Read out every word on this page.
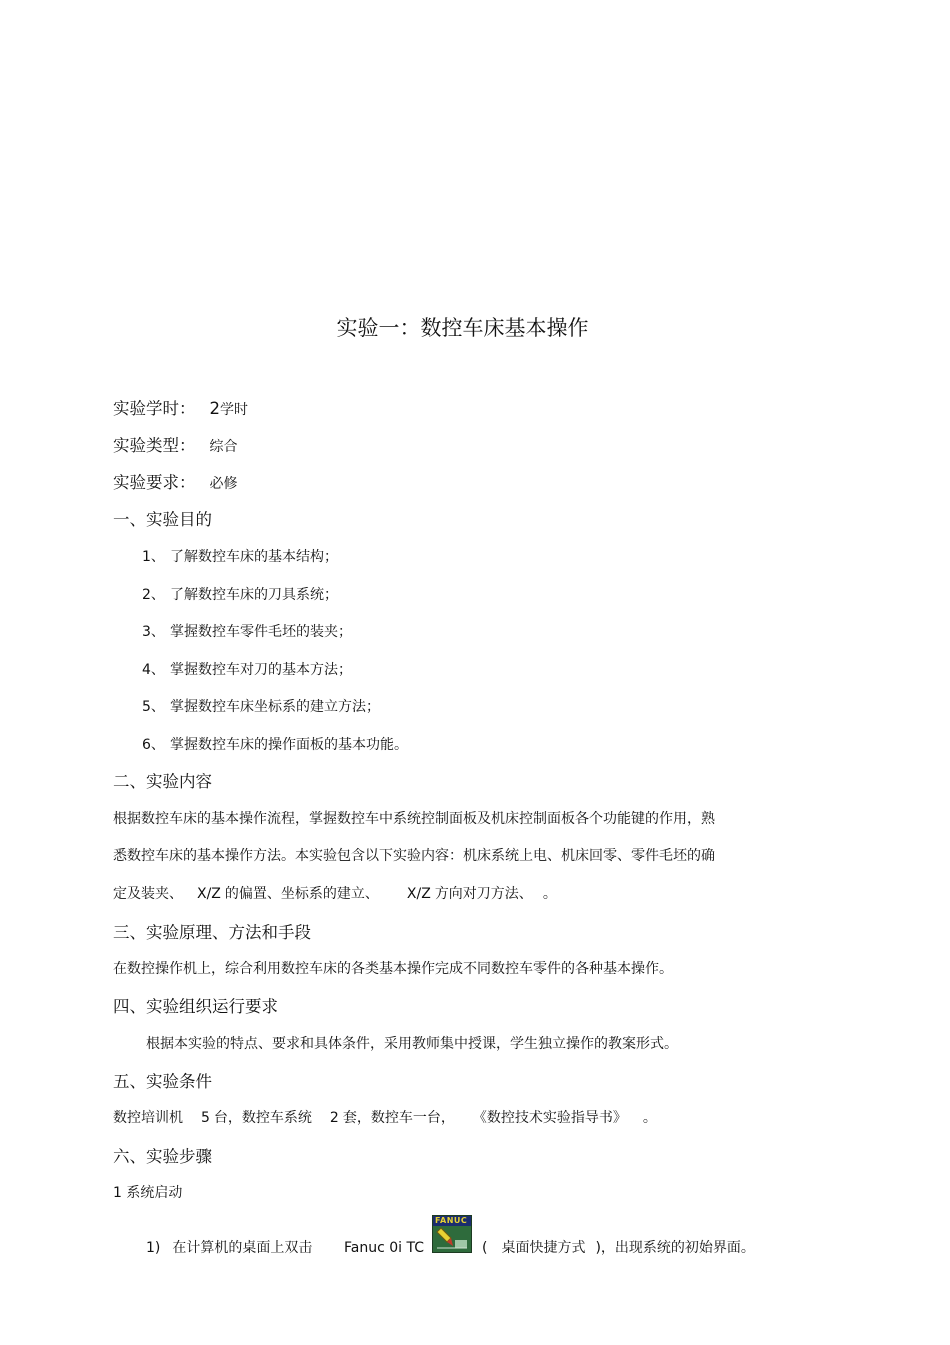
实验一：数控车床基本操作
实验学时： 2学时
实验类型： 综合
实验要求： 必修
一、实验目的
1、 了解数控车床的基本结构；
2、 了解数控车床的刀具系统；
3、 掌握数控车零件毛坯的装夹；
4、 掌握数控车对刀的基本方法；
5、 掌握数控车床坐标系的建立方法；
6、 掌握数控车床的操作面板的基本功能。
二、实验内容
根据数控车床的基本操作流程，掌握数控车中系统控制面板及机床控制面板各个功能键的作用，熟
悉数控车床的基本操作方法。本实验包含以下实验内容：机床系统上电、机床回零、零件毛坯的确
定及装夹、 X/Z 的偏置、坐标系的建立、 X/Z 方向对刀方法、 。
三、实验原理、方法和手段
在数控操作机上，综合利用数控车床的各类基本操作完成不同数控车零件的各种基本操作。
四、实验组织运行要求
根据本实验的特点、要求和具体条件，采用教师集中授课，学生独立操作的教案形式。
五、实验条件
数控培训机 5 台，数控车系统 2 套，数控车一台， 《数控技术实验指导书》 。
六、实验步骤
1 系统启动
1) 在计算机的桌面上双击 Fanuc 0i TC
FANUC
( 桌面快捷方式 )，出现系统的初始界面。
